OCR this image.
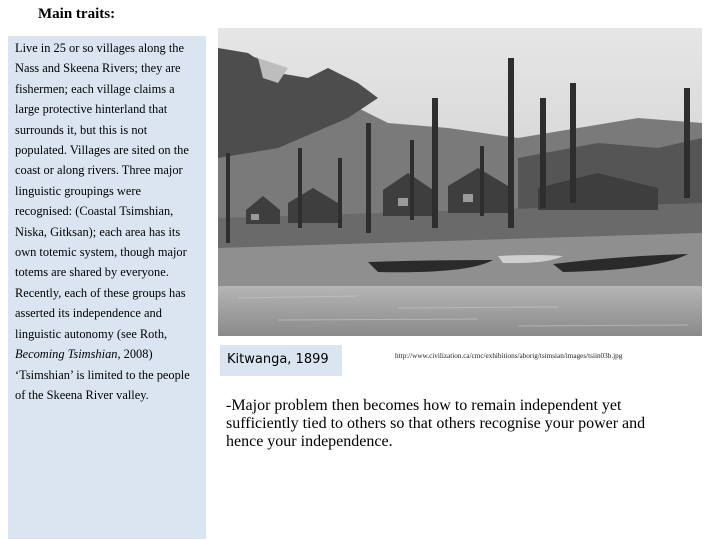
Main traits:

Live in 25 or so villages along the Nass and Skeena Rivers; they are fishermen; each village claims a large protective hinterland that surrounds it, but this is not populated. Villages are sited on the coast or along rivers. Three major linguistic groupings were recognised: (Coastal Tsimshian, Niska, Gitksan); each area has its own totemic system, though major totems are shared by everyone. Recently, each of these groups has asserted its independence and linguistic autonomy (see Roth, Becoming Tsimshian, 2008) ‘Tsimshian’ is limited to the people of the Skeena River valley.

Kitwanga, 1899	http://www.civilization.ca/cmc/exhibitions/aborig/tsimsian/images/tsiin03b.jpg

-Major problem then becomes how to remain independent yet sufficiently tied to others so that others recognise your power and hence your independence.
